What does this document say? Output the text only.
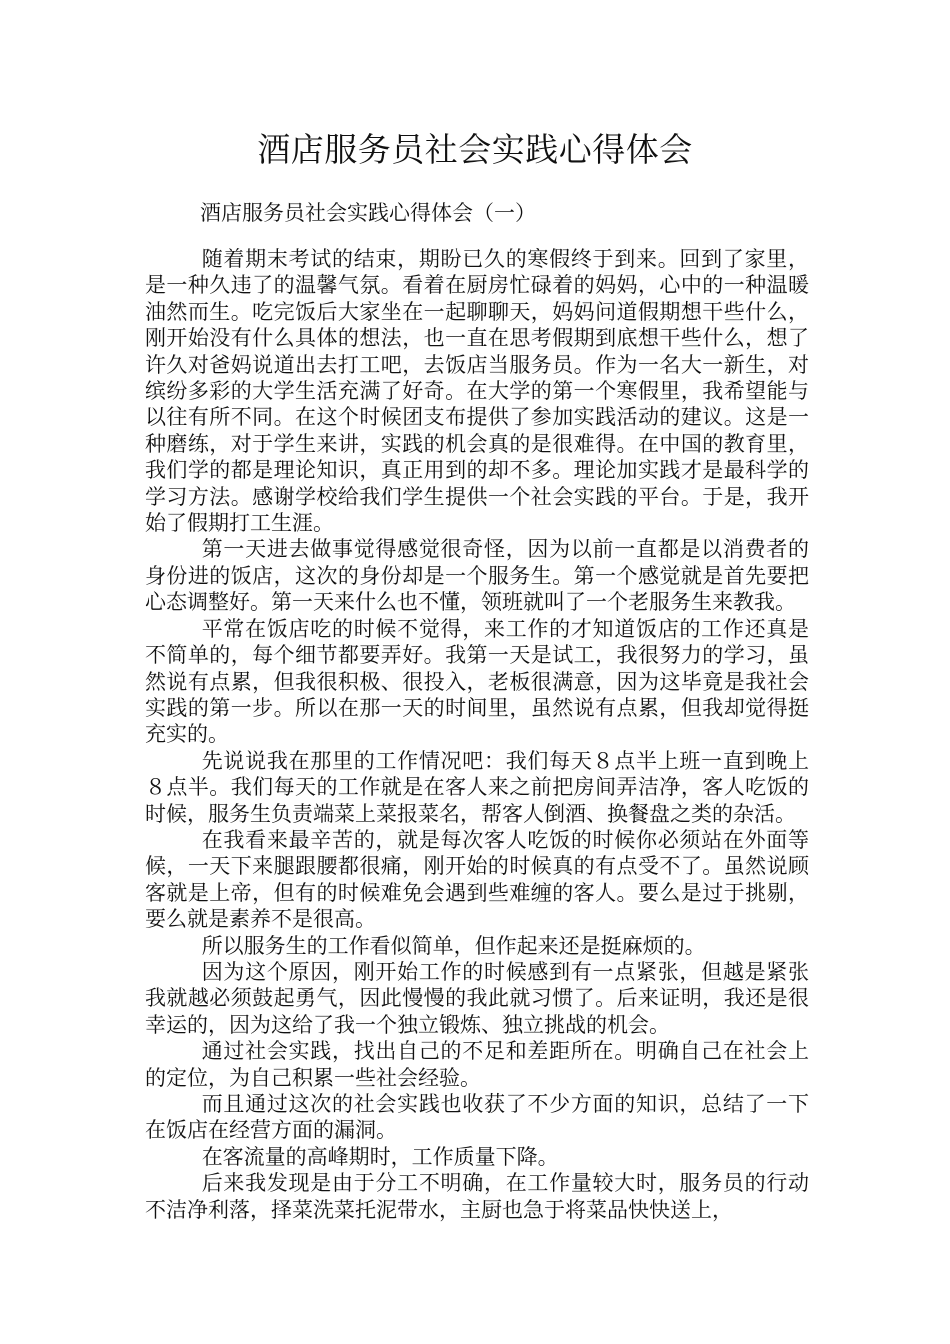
酒店服务员社会实践心得体会
酒店服务员社会实践心得体会（一）

随着期末考试的结束，期盼已久的寒假终于到来。回到了家里，是一种久违了的温馨气氛。看着在厨房忙碌着的妈妈，心中的一种温暖油然而生。吃完饭后大家坐在一起聊聊天，妈妈问道假期想干些什么，刚开始没有什么具体的想法，也一直在思考假期到底想干些什么，想了许久对爸妈说道出去打工吧，去饭店当服务员。作为一名大一新生，对缤纷多彩的大学生活充满了好奇。在大学的第一个寒假里，我希望能与以往有所不同。在这个时候团支布提供了参加实践活动的建议。这是一种磨练，对于学生来讲，实践的机会真的是很难得。在中国的教育里，我们学的都是理论知识，真正用到的却不多。理论加实践才是最科学的学习方法。感谢学校给我们学生提供一个社会实践的平台。于是，我开始了假期打工生涯。

第一天进去做事觉得感觉很奇怪，因为以前一直都是以消费者的身份进的饭店，这次的身份却是一个服务生。第一个感觉就是首先要把心态调整好。第一天来什么也不懂，领班就叫了一个老服务生来教我。

平常在饭店吃的时候不觉得，来工作的才知道饭店的工作还真是不简单的，每个细节都要弄好。我第一天是试工，我很努力的学习，虽然说有点累，但我很积极、很投入，老板很满意，因为这毕竟是我社会实践的第一步。所以在那一天的时间里，虽然说有点累，但我却觉得挺充实的。

先说说我在那里的工作情况吧：我们每天８点半上班一直到晚上８点半。我们每天的工作就是在客人来之前把房间弄洁净，客人吃饭的时候，服务生负责端菜上菜报菜名，帮客人倒酒、换餐盘之类的杂活。

在我看来最辛苦的，就是每次客人吃饭的时候你必须站在外面等候，一天下来腿跟腰都很痛，刚开始的时候真的有点受不了。虽然说顾客就是上帝，但有的时候难免会遇到些难缠的客人。要么是过于挑剔，要么就是素养不是很高。

所以服务生的工作看似简单，但作起来还是挺麻烦的。

因为这个原因，刚开始工作的时候感到有一点紧张，但越是紧张我就越必须鼓起勇气，因此慢慢的我此就习惯了。后来证明，我还是很幸运的，因为这给了我一个独立锻炼、独立挑战的机会。

通过社会实践，找出自己的不足和差距所在。明确自己在社会上的定位，为自己积累一些社会经验。

而且通过这次的社会实践也收获了不少方面的知识，总结了一下在饭店在经营方面的漏洞。

在客流量的高峰期时，工作质量下降。

后来我发现是由于分工不明确，在工作量较大时，服务员的行动不洁净利落，择菜洗菜托泥带水，主厨也急于将菜品快快送上，
